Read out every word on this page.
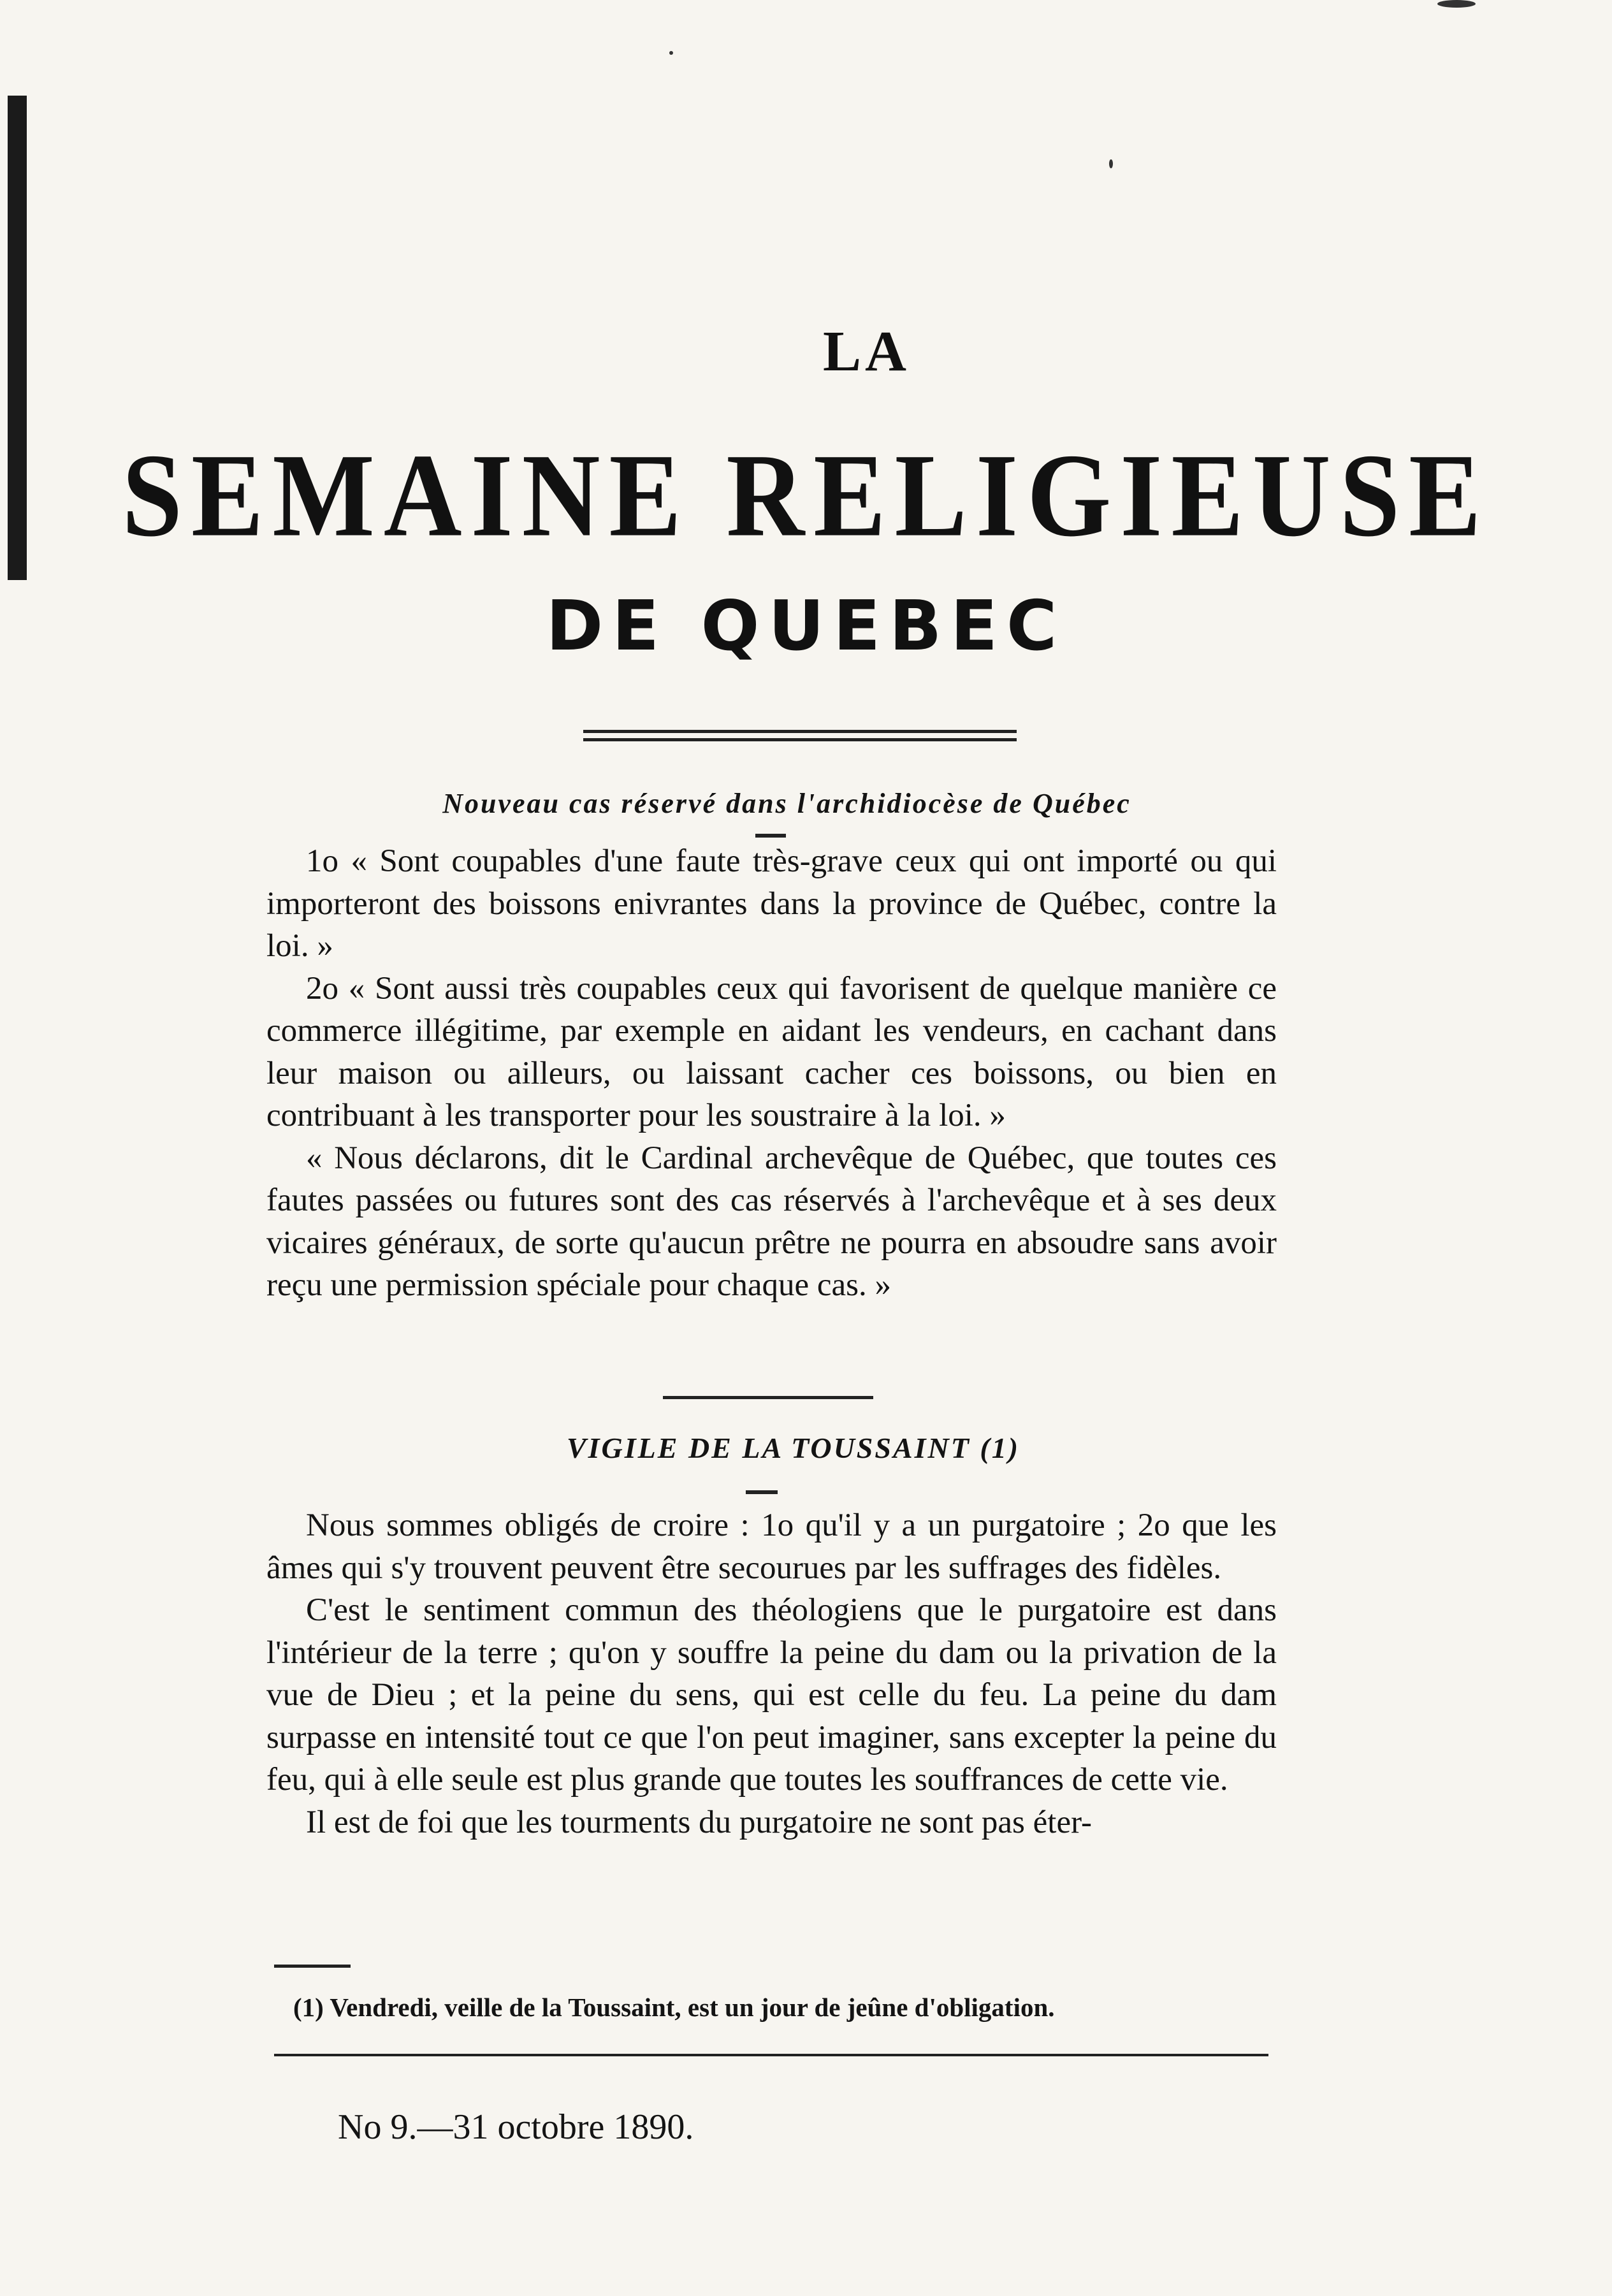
LA
SEMAINE RELIGIEUSE
DE QUEBEC
Nouveau cas réservé dans l'archidiocèse de Québec

1o « Sont coupables d'une faute très-grave ceux qui ont importé ou qui importeront des boissons enivrantes dans la province de Québec, contre la loi. »

2o « Sont aussi très coupables ceux qui favorisent de quelque manière ce commerce illégitime, par exemple en aidant les vendeurs, en cachant dans leur maison ou ailleurs, ou laissant cacher ces boissons, ou bien en contribuant à les transporter pour les soustraire à la loi. »

« Nous déclarons, dit le Cardinal archevêque de Québec, que toutes ces fautes passées ou futures sont des cas réservés à l'archevêque et à ses deux vicaires généraux, de sorte qu'aucun prêtre ne pourra en absoudre sans avoir reçu une permission spéciale pour chaque cas. »

VIGILE DE LA TOUSSAINT (1)

Nous sommes obligés de croire : 1o qu'il y a un purgatoire ; 2o que les âmes qui s'y trouvent peuvent être secourues par les suffrages des fidèles.

C'est le sentiment commun des théologiens que le purgatoire est dans l'intérieur de la terre ; qu'on y souffre la peine du dam ou la privation de la vue de Dieu ; et la peine du sens, qui est celle du feu. La peine du dam surpasse en intensité tout ce que l'on peut imaginer, sans excepter la peine du feu, qui à elle seule est plus grande que toutes les souffrances de cette vie.

Il est de foi que les tourments du purgatoire ne sont pas éter-

(1) Vendredi, veille de la Toussaint, est un jour de jeûne d'obligation.
No 9.—31 octobre 1890.
